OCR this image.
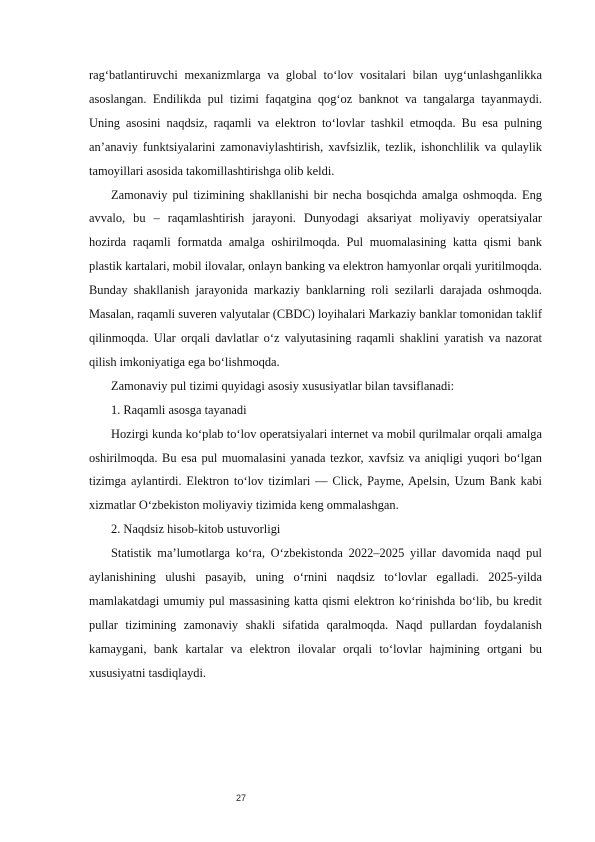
rag‘batlantiruvchi mexanizmlarga va global to‘lov vositalari bilan uyg‘unlashganlikka asoslangan. Endilikda pul tizimi faqatgina qog‘oz banknot va tangalarga tayanmaydi. Uning asosini naqdsiz, raqamli va elektron to‘lovlar tashkil etmoqda. Bu esa pulning an’anaviy funktsiyalarini zamonaviylashtirish, xavfsizlik, tezlik, ishonchlilik va qulaylik tamoyillari asosida takomillashtirishga olib keldi.

Zamonaviy pul tizimining shakllanishi bir necha bosqichda amalga oshmoqda. Eng avvalo, bu – raqamlashtirish jarayoni. Dunyodagi aksariyat moliyaviy operatsiyalar hozirda raqamli formatda amalga oshirilmoqda. Pul muomalasining katta qismi bank plastik kartalari, mobil ilovalar, onlayn banking va elektron hamyonlar orqali yuritilmoqda. Bunday shakllanish jarayonida markaziy banklarning roli sezilarli darajada oshmoqda. Masalan, raqamli suveren valyutalar (CBDC) loyihalari Markaziy banklar tomonidan taklif qilinmoqda. Ular orqali davlatlar o‘z valyutasining raqamli shaklini yaratish va nazorat qilish imkoniyatiga ega bo‘lishmoqda.

Zamonaviy pul tizimi quyidagi asosiy xususiyatlar bilan tavsiflanadi:

1. Raqamli asosga tayanadi

Hozirgi kunda ko‘plab to‘lov operatsiyalari internet va mobil qurilmalar orqali amalga oshirilmoqda. Bu esa pul muomalasini yanada tezkor, xavfsiz va aniqligi yuqori bo‘lgan tizimga aylantirdi. Elektron to‘lov tizimlari — Click, Payme, Apelsin, Uzum Bank kabi xizmatlar O‘zbekiston moliyaviy tizimida keng ommalashgan.

2. Naqdsiz hisob-kitob ustuvorligi

Statistik ma’lumotlarga ko‘ra, O‘zbekistonda 2022–2025 yillar davomida naqd pul aylanishining ulushi pasayib, uning o‘rnini naqdsiz to‘lovlar egalladi. 2025-yilda mamlakatdagi umumiy pul massasining katta qismi elektron ko‘rinishda bo‘lib, bu kredit pullar tizimining zamonaviy shakli sifatida qaralmoqda. Naqd pullardan foydalanish kamaygani, bank kartalar va elektron ilovalar orqali to‘lovlar hajmining ortgani bu xususiyatni tasdiqlaydi.

27
